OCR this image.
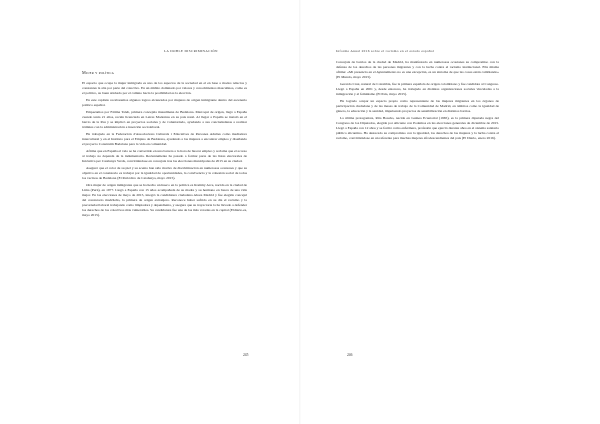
LA DOBLE DISCRIMINACIÓN
Mujer y política

El espacio que ocupa la mujer inmigrada es uno de los aspectos de la sociedad en el en base a modos relucios y constantes la alta por parte del colectivo. En un ámbito dominado por valores y conocimientos masculinos, como es el político, su buen atisbado por el camino hacia la posibilidad es la elección.

En este capítulo recabaremos algunos logros alcanzados por mujeres de origen inmigrante dentro del escenario político español.

Empezamos por Fátima Taleb, primera concejala musulmana de Badalona. Marroquí de origen, llegó a España cuando tenía 21 años, recién licenciada en Letras Modernas en su país natal. Al llegar a España se instaló en el barrio de la Pau y se implicó en proyectos sociales y de voluntariado, ayudando a sus conciudadanas a realizar trámites con la administración e inserción sociolaboral.

Ha trabajado en la Federación d'Associacions Culturals i Educatives de Persones Adultes como mediadora intercultural y en el Instituto para el Empleo de Badalona, ayudando a las mujeres a encontrar empleo y diseñando el proyecto Construim Badalona para la vida en comunidad.

Afirma que en España el velo se ha convertido en una barrera a la hora de buscar empleo y reclama que el acceso al trabajo no dependa de la indumentaria. Recientemente ha pasado a formar parte de las listas electorales de Iniciativa per Catalunya Verds, convirtiéndose en concejala tras las elecciones municipales de 2015 en su ciudad.

Aseguró que el color de su piel y su acento han sido motivo de discriminación en numerosas ocasiones y que su objetivo en el consistorio es trabajar por la igualdad de oportunidades, la convivencia y la cohesión social de todos los vecinos de Badalona (El Periódico de Catalunya, mayo 2015).

Otra mujer de origen inmigrante que se ha hecho un hueco en la política es Rommy Arce, nacida en la ciudad de Lima (Perú), en 1977. Llegó a España con 15 años acompañada de su madre y su hermano en busca de una vida mejor. En las elecciones de mayo de 2015, integró la candidatura ciudadana Ahora Madrid y fue elegida concejal del consistorio madrileño, la primera de origen extranjero. Reconoce haber sufrido en su día el racismo y la precariedad laboral trabajando como limpiadora y dependienta, y asegura que su trayectoria la ha llevado a defender los derechos de los colectivos más vulnerables. Su candidatura fue una de las más votadas en la capital (Eldiario.es, mayo 2015).

245
Informe Anual 2016 sobre el racismo en el estado español

Concejala de barrios de la ciudad de Madrid, ha manifestado en numerosas ocasiones su compromiso con la defensa de los derechos de las personas migrantes y con la lucha contra el racismo institucional. Ella misma afirma: «Mi presencia en el Ayuntamiento no es una excepción, es un síntoma de que las cosas están cambiando» (El Mundo, mayo 2015).

Gerardo Cruz, natural de Colombia, fue la primera española de origen colombiano y fue candidata al Congreso. Llegó a España en 2001 y, desde entonces, ha trabajado en distintas organizaciones sociales vinculadas a la inmigración y al feminismo (El País, mayo 2015).

Ha logrado ocupar un espacio propio como representante de las mujeres migrantes en los órganos de participación ciudadana y de las mesas de trabajo de la Comunidad de Madrid, en ámbitos como la igualdad de género, la educación y la sanidad, impulsando proyectos de sensibilización en distintos barrios.

La última protagonista, Rita Bosaho, nacida en Guinea Ecuatorial (1965), es la primera diputada negra del Congreso de los Diputados, elegida por Alicante con Podemos en las elecciones generales de diciembre de 2015. Llegó a España con 12 años y se formó como enfermera, profesión que ejerció durante años en el sistema sanitario público alicantino. Ha destacado su compromiso con la igualdad, los derechos de las mujeres y la lucha contra el racismo, convirtiéndose en un referente para muchas mujeres afrodescendientes del país (El Diario, enero 2016).

246
